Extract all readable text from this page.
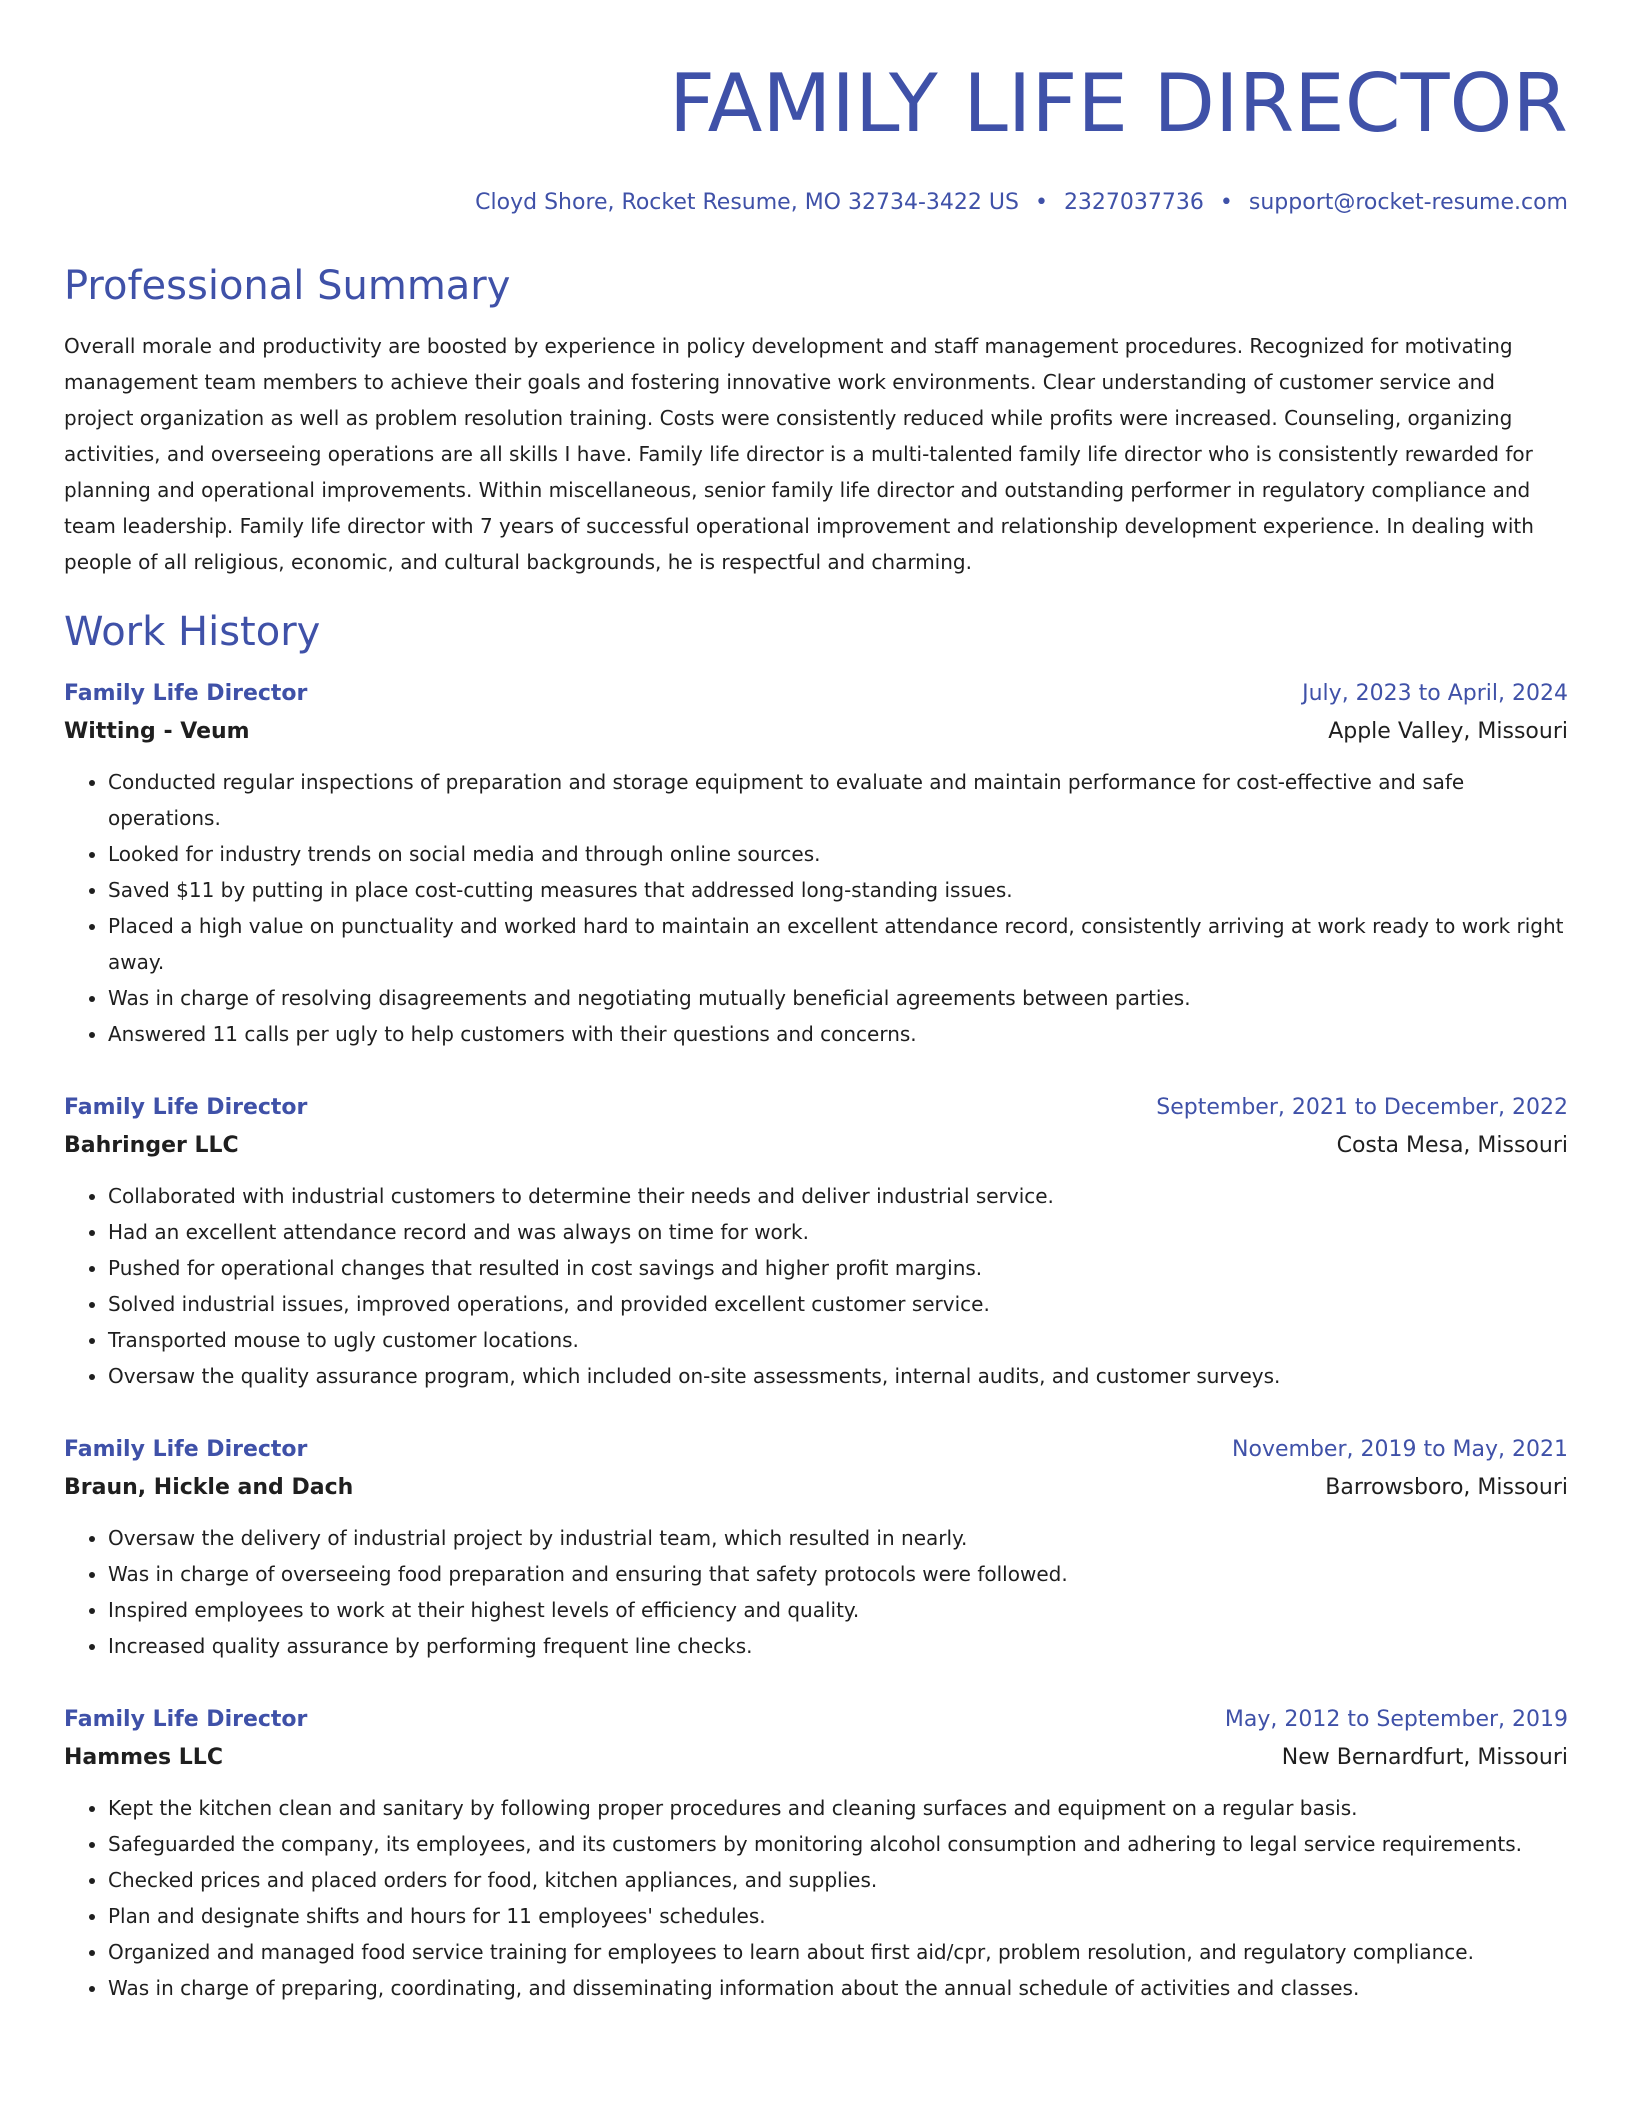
FAMILY LIFE DIRECTOR
Cloyd Shore, Rocket Resume, MO 32734-3422 US • 2327037736 • support@rocket-resume.com
Professional Summary

Overall morale and productivity are boosted by experience in policy development and staff management procedures. Recognized for motivating management team members to achieve their goals and fostering innovative work environments. Clear understanding of customer service and project organization as well as problem resolution training. Costs were consistently reduced while profits were increased. Counseling, organizing activities, and overseeing operations are all skills I have. Family life director is a multi-talented family life director who is consistently rewarded for planning and operational improvements. Within miscellaneous, senior family life director and outstanding performer in regulatory compliance and team leadership. Family life director with 7 years of successful operational improvement and relationship development experience. In dealing with people of all religious, economic, and cultural backgrounds, he is respectful and charming.

Work History
Family Life Director	July, 2023 to April, 2024
Witting - Veum	Apple Valley, Missouri
• Conducted regular inspections of preparation and storage equipment to evaluate and maintain performance for cost-effective and safe operations.
• Looked for industry trends on social media and through online sources.
• Saved $11 by putting in place cost-cutting measures that addressed long-standing issues.
• Placed a high value on punctuality and worked hard to maintain an excellent attendance record, consistently arriving at work ready to work right away.
• Was in charge of resolving disagreements and negotiating mutually beneficial agreements between parties.
• Answered 11 calls per ugly to help customers with their questions and concerns.
Family Life Director	September, 2021 to December, 2022
Bahringer LLC	Costa Mesa, Missouri
• Collaborated with industrial customers to determine their needs and deliver industrial service.
• Had an excellent attendance record and was always on time for work.
• Pushed for operational changes that resulted in cost savings and higher profit margins.
• Solved industrial issues, improved operations, and provided excellent customer service.
• Transported mouse to ugly customer locations.
• Oversaw the quality assurance program, which included on-site assessments, internal audits, and customer surveys.
Family Life Director	November, 2019 to May, 2021
Braun, Hickle and Dach	Barrowsboro, Missouri
• Oversaw the delivery of industrial project by industrial team, which resulted in nearly.
• Was in charge of overseeing food preparation and ensuring that safety protocols were followed.
• Inspired employees to work at their highest levels of efficiency and quality.
• Increased quality assurance by performing frequent line checks.
Family Life Director	May, 2012 to September, 2019
Hammes LLC	New Bernardfurt, Missouri
• Kept the kitchen clean and sanitary by following proper procedures and cleaning surfaces and equipment on a regular basis.
• Safeguarded the company, its employees, and its customers by monitoring alcohol consumption and adhering to legal service requirements.
• Checked prices and placed orders for food, kitchen appliances, and supplies.
• Plan and designate shifts and hours for 11 employees' schedules.
• Organized and managed food service training for employees to learn about first aid/cpr, problem resolution, and regulatory compliance.
• Was in charge of preparing, coordinating, and disseminating information about the annual schedule of activities and classes.
